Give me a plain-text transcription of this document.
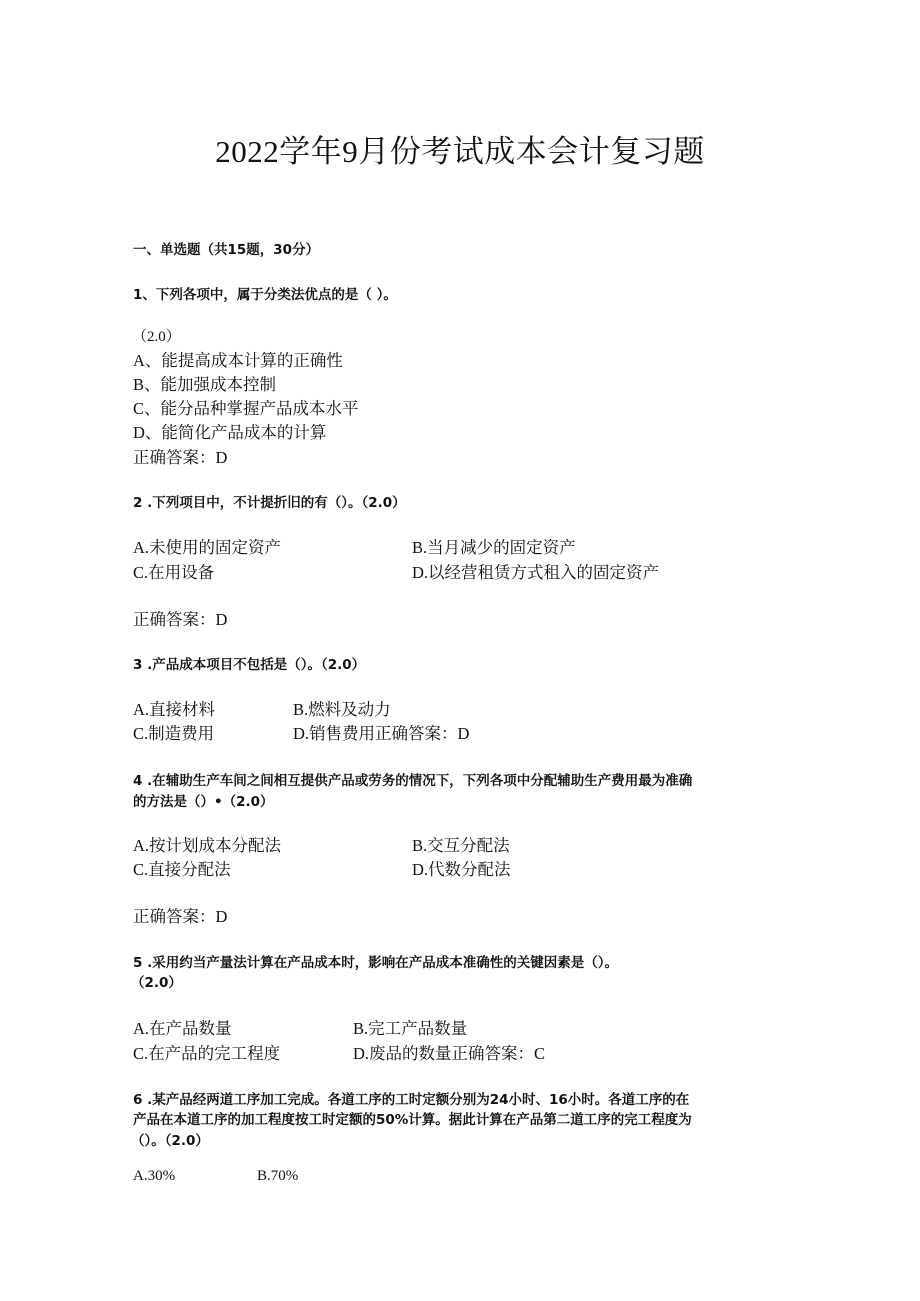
2022学年9月份考试成本会计复习题
一、单选题（共15题，30分）
1、下列各项中，属于分类法优点的是（ ）。
（2.0）
A、能提高成本计算的正确性
B、能加强成本控制
C、能分品种掌握产品成本水平
D、能简化产品成本的计算
正确答案：D
2 .下列项目中，不计提折旧的有（）。（2.0）
A.未使用的固定资产	B.当月减少的固定资产
C.在用设备	D.以经营租赁方式租入的固定资产
正确答案：D
3 .产品成本项目不包括是（）。（2.0）
A.直接材料	B.燃料及动力
C.制造费用	D.销售费用正确答案：D
4 .在辅助生产车间之间相互提供产品或劳务的情况下，下列各项中分配辅助生产费用最为准确
的方法是（）•（2.0）
A.按计划成本分配法	B.交互分配法
C.直接分配法	D.代数分配法
正确答案：D
5 .采用约当产量法计算在产品成本时，影响在产品成本准确性的关键因素是（）。
（2.0）
A.在产品数量	B.完工产品数量
C.在产品的完工程度	D.废品的数量正确答案：C
6 .某产品经两道工序加工完成。各道工序的工时定额分别为24小时、16小时。各道工序的在
产品在本道工序的加工程度按工时定额的50%计算。据此计算在产品第二道工序的完工程度为
（）。（2.0）
A.30%	B.70%
